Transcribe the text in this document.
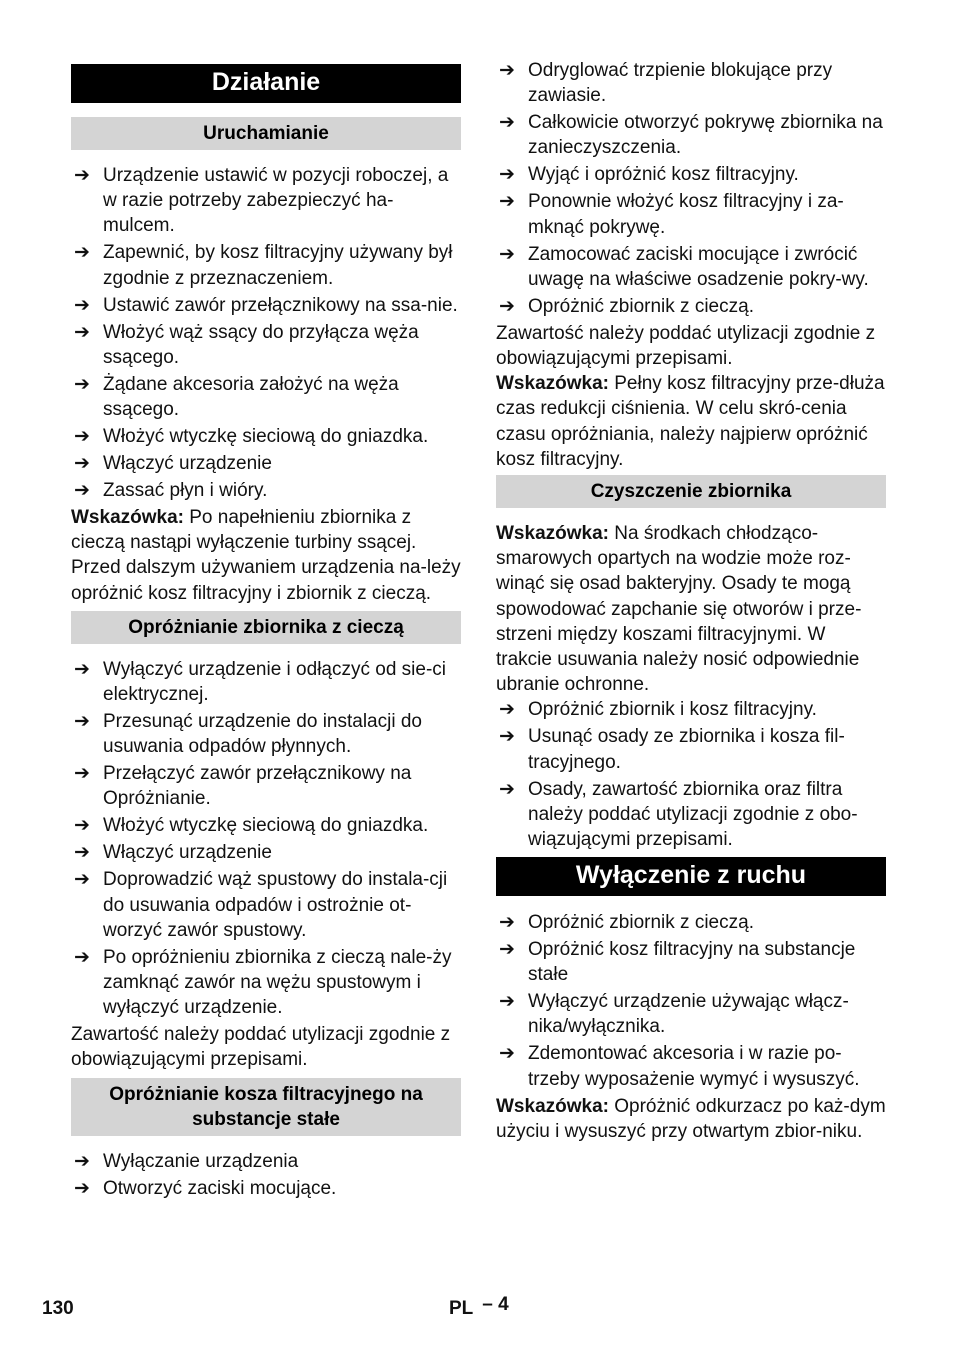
Działanie
Uruchamianie
➔ Urządzenie ustawić w pozycji roboczej, a w razie potrzeby zabezpieczyć ha-mulcem.
➔ Zapewnić, by kosz filtracyjny używany był zgodnie z przeznaczeniem.
➔ Ustawić zawór przełącznikowy na ssa-nie.
➔ Włożyć wąż ssący do przyłącza węża ssącego.
➔ Żądane akcesoria założyć na węża ssącego.
➔ Włożyć wtyczkę sieciową do gniazdka.
➔ Włączyć urządzenie
➔ Zassać płyn i wióry.

Wskazówka: Po napełnieniu zbiornika z cieczą nastąpi wyłączenie turbiny ssącej. Przed dalszym używaniem urządzenia na-leży opróżnić kosz filtracyjny i zbiornik z cieczą.

Opróżnianie zbiornika z cieczą
➔ Wyłączyć urządzenie i odłączyć od sie-ci elektrycznej.
➔ Przesunąć urządzenie do instalacji do usuwania odpadów płynnych.
➔ Przełączyć zawór przełącznikowy na Opróżnianie.
➔ Włożyć wtyczkę sieciową do gniazdka.
➔ Włączyć urządzenie
➔ Doprowadzić wąż spustowy do instala-cji do usuwania odpadów i ostrożnie ot-worzyć zawór spustowy.
➔ Po opróżnieniu zbiornika z cieczą nale-ży zamknąć zawór na wężu spustowym i wyłączyć urządzenie.

Zawartość należy poddać utylizacji zgodnie z obowiązującymi przepisami.

Opróżnianie kosza filtracyjnego na substancje stałe
➔ Wyłączanie urządzenia
➔ Otworzyć zaciski mocujące.
➔ Odryglować trzpienie blokujące przy zawiasie.
➔ Całkowicie otworzyć pokrywę zbiornika na zanieczyszczenia.
➔ Wyjąć i opróżnić kosz filtracyjny.
➔ Ponownie włożyć kosz filtracyjny i za-mknąć pokrywę.
➔ Zamocować zaciski mocujące i zwrócić uwagę na właściwe osadzenie pokry-wy.
➔ Opróżnić zbiornik z cieczą.

Zawartość należy poddać utylizacji zgodnie z obowiązującymi przepisami.

Wskazówka: Pełny kosz filtracyjny prze-dłuża czas redukcji ciśnienia. W celu skró-cenia czasu opróżniania, należy najpierw opróżnić kosz filtracyjny.

Czyszczenie zbiornika

Wskazówka: Na środkach chłodząco-smarowych opartych na wodzie może roz-winąć się osad bakteryjny. Osady te mogą spowodować zapchanie się otworów i prze-strzeni między koszami filtracyjnymi. W trakcie usuwania należy nosić odpowiednie ubranie ochronne.

➔ Opróżnić zbiornik i kosz filtracyjny.
➔ Usunąć osady ze zbiornika i kosza fil-tracyjnego.
➔ Osady, zawartość zbiornika oraz filtra należy poddać utylizacji zgodnie z obo-wiązującymi przepisami.
Wyłączenie z ruchu
➔ Opróżnić zbiornik z cieczą.
➔ Opróżnić kosz filtracyjny na substancje stałe
➔ Wyłączyć urządzenie używając włącz-nika/wyłącznika.
➔ Zdemontować akcesoria i w razie po-trzeby wyposażenie wymyć i wysuszyć.

Wskazówka: Opróżnić odkurzacz po każ-dym użyciu i wysuszyć przy otwartym zbior-niku.

130	PL – 4
